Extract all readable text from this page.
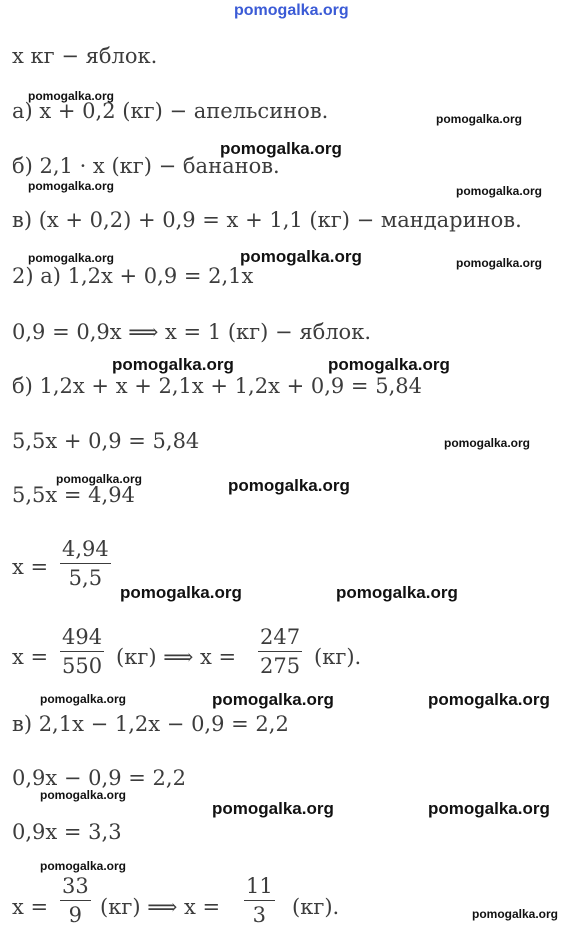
pomogalka.org
x кг − яблок.
а) x + 0,2 (кг) − апельсинов.
б) 2,1 · x (кг) − бананов.
в) (x + 0,2) + 0,9 = x + 1,1 (кг) − мандаринов.
2) а) 1,2x + 0,9 = 2,1x
0,9 = 0,9x ⟹ x = 1 (кг) − яблок.
б) 1,2x + x + 2,1x + 1,2x + 0,9 = 5,84
5,5x + 0,9 = 5,84
5,5x = 4,94
x =
4,94
5,5
x =
494
550 (кг) ⟹ x =
247
275 (кг).
в) 2,1x − 1,2x − 0,9 = 2,2
0,9x − 0,9 = 2,2
0,9x = 3,3
x =
33
9 (кг) ⟹ x =
11
3	(кг).
pomogalka.org
pomogalka.org
pomogalka.org
pomogalka.org	pomogalka.org
pomogalka.org	pomogalka.org	pomogalka.org
pomogalka.org	pomogalka.org
pomogalka.org
pomogalka.org	pomogalka.org
pomogalka.org	pomogalka.org
pomogalka.org	pomogalka.org	pomogalka.org
pomogalka.org
pomogalka.org	pomogalka.org
pomogalka.org
pomogalka.org
